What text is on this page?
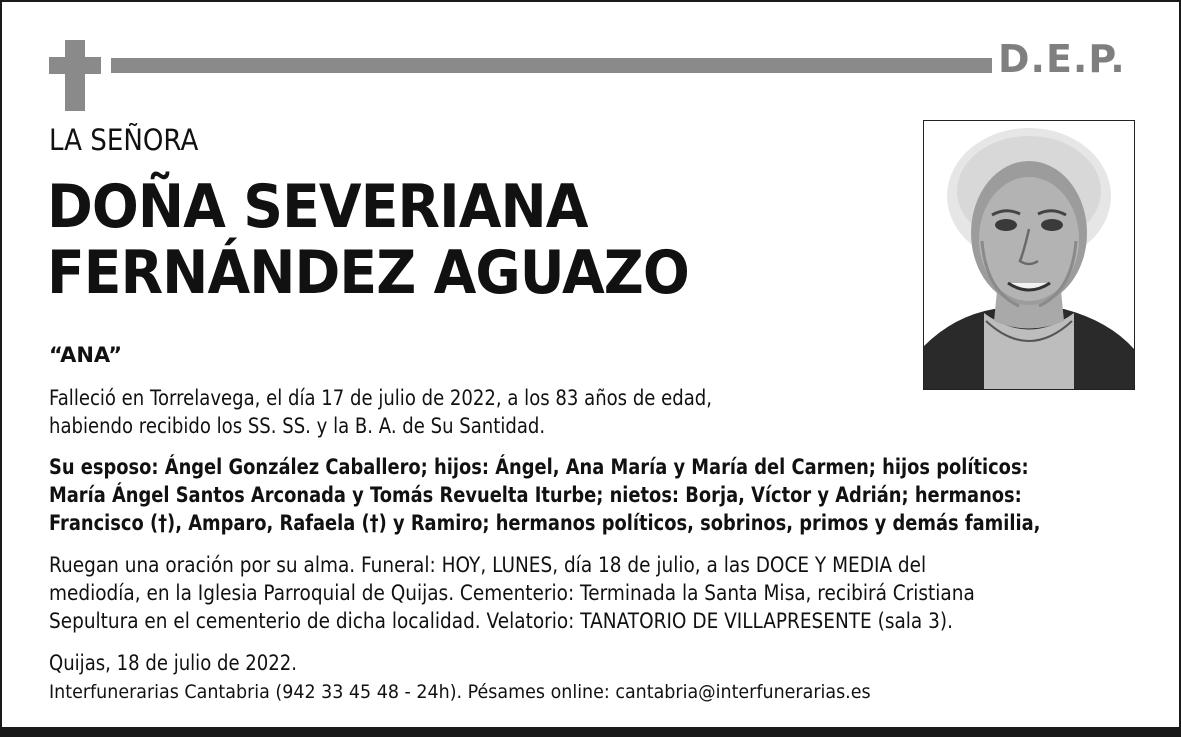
D.E.P.
LA SEÑORA
DOÑA SEVERIANA
FERNÁNDEZ AGUAZO
“ANA”
Falleció en Torrelavega, el día 17 de julio de 2022, a los 83 años de edad,
habiendo recibido los SS. SS. y la B. A. de Su Santidad.
Su esposo: Ángel González Caballero; hijos: Ángel, Ana María y María del Carmen; hijos políticos:
María Ángel Santos Arconada y Tomás Revuelta Iturbe; nietos: Borja, Víctor y Adrián; hermanos:
Francisco (†), Amparo, Rafaela (†) y Ramiro; hermanos políticos, sobrinos, primos y demás familia,
Ruegan una oración por su alma. Funeral: HOY, LUNES, día 18 de julio, a las DOCE Y MEDIA del
mediodía, en la Iglesia Parroquial de Quijas. Cementerio: Terminada la Santa Misa, recibirá Cristiana
Sepultura en el cementerio de dicha localidad. Velatorio: TANATORIO DE VILLAPRESENTE (sala 3).
Quijas, 18 de julio de 2022.
Interfunerarias Cantabria (942 33 45 48 - 24h). Pésames online: cantabria@interfunerarias.es
